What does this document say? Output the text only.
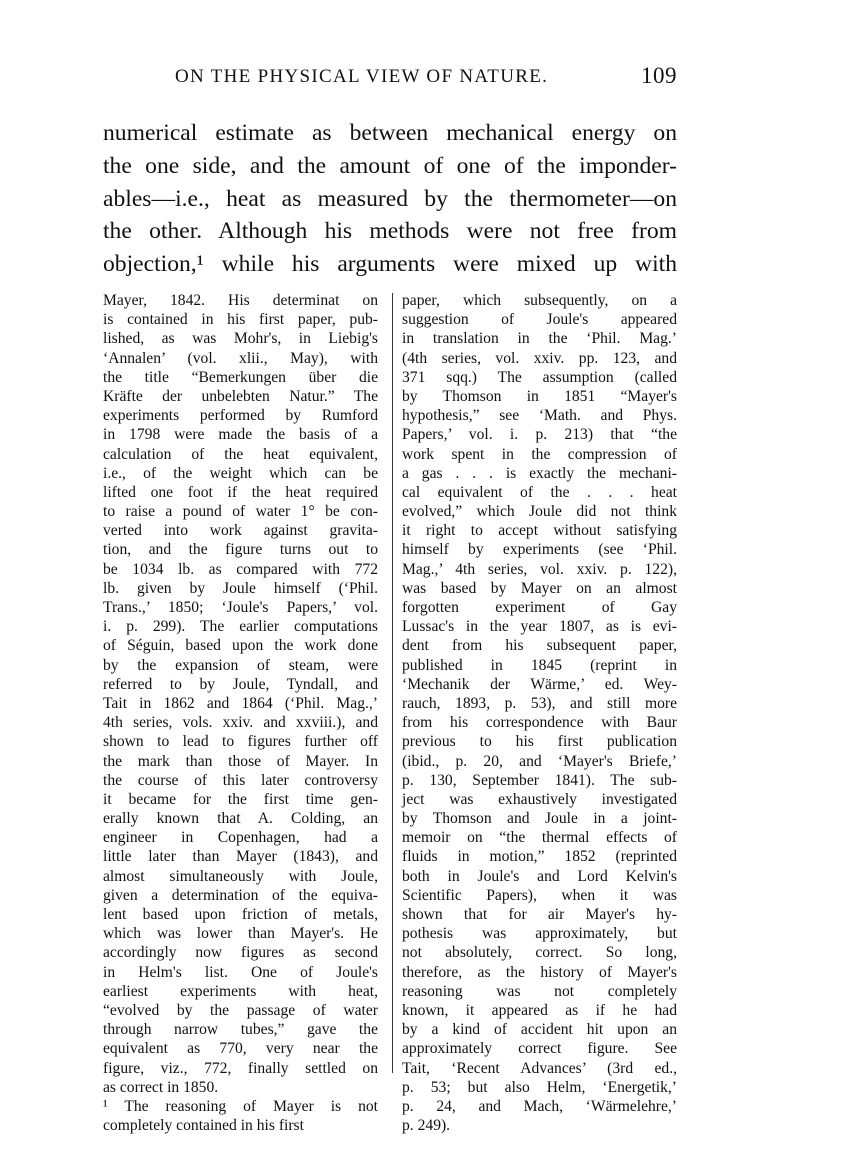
ON THE PHYSICAL VIEW OF NATURE.	109
numerical estimate as between mechanical energy on
the one side, and the amount of one of the imponder-
ables—i.e., heat as measured by the thermometer—on
the other. Although his methods were not free from
objection,¹ while his arguments were mixed up with
Mayer, 1842. His determinat on
is contained in his first paper, pub-
lished, as was Mohr's, in Liebig's
‘Annalen’ (vol. xlii., May), with
the title “Bemerkungen über die
Kräfte der unbelebten Natur.” The
experiments performed by Rumford
in 1798 were made the basis of a
calculation of the heat equivalent,
i.e., of the weight which can be
lifted one foot if the heat required
to raise a pound of water 1° be con-
verted into work against gravita-
tion, and the figure turns out to
be 1034 lb. as compared with 772
lb. given by Joule himself (‘Phil.
Trans.,’ 1850; ‘Joule's Papers,’ vol.
i. p. 299). The earlier computations
of Séguin, based upon the work done
by the expansion of steam, were
referred to by Joule, Tyndall, and
Tait in 1862 and 1864 (‘Phil. Mag.,’
4th series, vols. xxiv. and xxviii.), and
shown to lead to figures further off
the mark than those of Mayer. In
the course of this later controversy
it became for the first time gen-
erally known that A. Colding, an
engineer in Copenhagen, had a
little later than Mayer (1843), and
almost simultaneously with Joule,
given a determination of the equiva-
lent based upon friction of metals,
which was lower than Mayer's. He
accordingly now figures as second
in Helm's list. One of Joule's
earliest experiments with heat,
“evolved by the passage of water
through narrow tubes,” gave the
equivalent as 770, very near the
figure, viz., 772, finally settled on
as correct in 1850.
¹ The reasoning of Mayer is not
completely contained in his first
paper, which subsequently, on a
suggestion of Joule's appeared
in translation in the ‘Phil. Mag.’
(4th series, vol. xxiv. pp. 123, and
371 sqq.) The assumption (called
by Thomson in 1851 “Mayer's
hypothesis,” see ‘Math. and Phys.
Papers,’ vol. i. p. 213) that “the
work spent in the compression of
a gas . . . is exactly the mechani-
cal equivalent of the . . . heat
evolved,” which Joule did not think
it right to accept without satisfying
himself by experiments (see ‘Phil.
Mag.,’ 4th series, vol. xxiv. p. 122),
was based by Mayer on an almost
forgotten experiment of Gay
Lussac's in the year 1807, as is evi-
dent from his subsequent paper,
published in 1845 (reprint in
‘Mechanik der Wärme,’ ed. Wey-
rauch, 1893, p. 53), and still more
from his correspondence with Baur
previous to his first publication
(ibid., p. 20, and ‘Mayer's Briefe,’
p. 130, September 1841). The sub-
ject was exhaustively investigated
by Thomson and Joule in a joint-
memoir on “the thermal effects of
fluids in motion,” 1852 (reprinted
both in Joule's and Lord Kelvin's
Scientific Papers), when it was
shown that for air Mayer's hy-
pothesis was approximately, but
not absolutely, correct. So long,
therefore, as the history of Mayer's
reasoning was not completely
known, it appeared as if he had
by a kind of accident hit upon an
approximately correct figure. See
Tait, ‘Recent Advances’ (3rd ed.,
p. 53; but also Helm, ‘Energetik,’
p. 24, and Mach, ‘Wärmelehre,’
p. 249).
